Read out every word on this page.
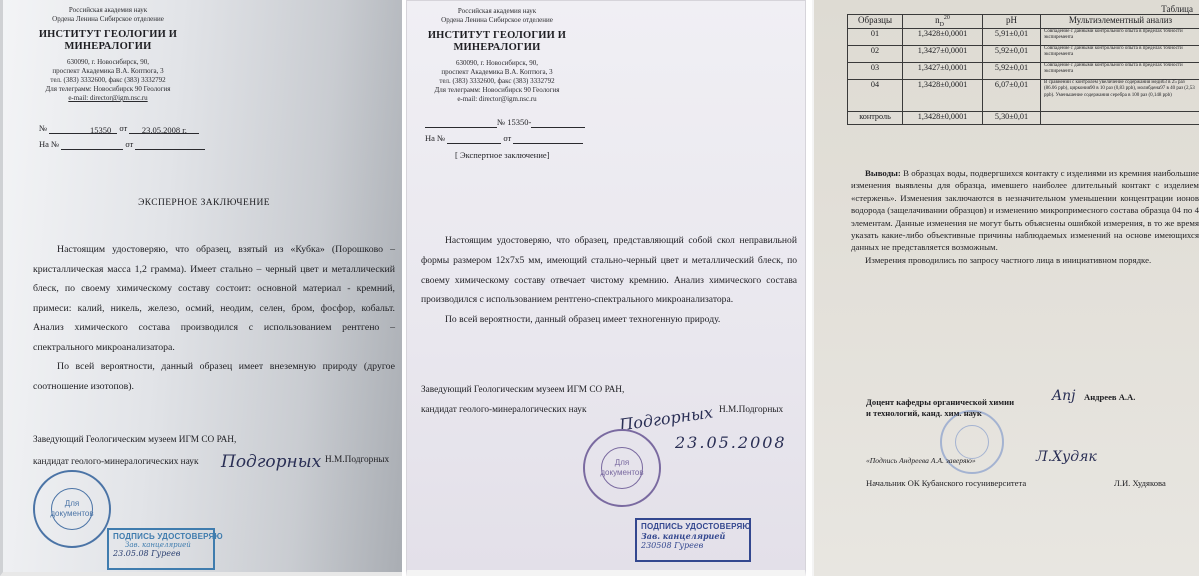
Российская академия наук
Ордена Ленина Сибирское отделение
ИНСТИТУТ ГЕОЛОГИИ И
МИНЕРАЛОГИИ
630090, г. Новосибирск, 90,
проспект Академика В.А. Коптюга, 3
тел. (383) 3332600, факс (383) 3332792
Для телеграмм: Новосибирск 90 Геология
e-mail: director@igm.nsc.ru
№	15350 от 23.05.2008 г.
На №	от
ЭКСПЕРНОЕ ЗАКЛЮЧЕНИЕ

Настоящим удостоверяю, что образец, взятый из «Кубка» (Порошково – кристаллическая масса 1,2 грамма). Имеет стально – черный цвет и металлический блеск, по своему химическому составу состоит: основной материал - кремний, примеси: калий, никель, железо, осмий, неодим, селен, бром, фосфор, кобальт. Анализ химического состава производился с использованием рентгено – спектрального микроанализатора.

По всей вероятности, данный образец имеет внеземную природу (другое соотношение изотопов).

Заведующий Геологическим музеем ИГМ СО РАН,
кандидат геолого-минералогических наук Подгорных Н.М.Подгорных
Для
документов
ПОДПИСЬ УДОСТОВЕРЯЮ
Зав. канцелярией
23.05.08 Гуреев
Российская академия наук
Ордена Ленина Сибирское отделение
ИНСТИТУТ ГЕОЛОГИИ И
МИНЕРАЛОГИИ
630090, г. Новосибирск, 90,
проспект Академика В.А. Коптюга, 3
тел. (383) 3332600, факс (383) 3332792
Для телеграмм: Новосибирск 90 Геология
e-mail: director@igm.nsc.ru
№ 15350-
На №	от
[ Экспертное заключение]

Настоящим удостоверяю, что образец, представляющий собой скол неправильной формы размером 12х7х5 мм, имеющий стально-черный цвет и металлический блеск, по своему химическому составу отвечает чистому кремнию. Анализ химического состава производился с использованием рентгено-спектрального микроанализатора.

По всей вероятности, данный образец имеет техногенную природу.

Заведующий Геологическим музеем ИГМ СО РАН,
кандидат геолого-минералогических наук	Н.М.Подгорных
Подгорных
23.05.2008
Для
документов
ПОДПИСЬ УДОСТОВЕРЯЮ
Зав. канцелярией
230508 Гуреев
Таблица
Образцы	$n_D^{20}$	pH	Мультиэлементный анализ
01	1,3428±0,0001	5,91±0,01	Совпадение с данными контрольного опыта в пределах точности экспиремента
02	1,3427±0,0001	5,92±0,01	Совпадение с данными контрольного опыта в пределах точности экспиремента
03	1,3427±0,0001	5,92±0,01	Совпадение с данными контрольного опыта в пределах точности экспиремента
04	1,3428±0,0001	6,07±0,01	В сравнении с контролем увеличение содержания меди63 в 25 раз (86.06 ppb), циркония90 в 10 раз (0,83 ppb), молибдена97 в 40 раз (2,53 ppb). Уменьшение содержания серебра в 100 раз (0,148 ppb)
контроль	1,3428±0,0001	5,30±0,01	

Выводы: В образцах воды, подвергшихся контакту с изделиями из кремния наибольшие изменения выявлены для образца, имевшего наиболее длительный контакт с изделием «стержень». Изменения заключаются в незначительном уменьшении концентрации ионов водорода (защелачивании образцов) и изменению микропримесного состава образца 04 по 4 элементам. Данные изменения не могут быть объяснены ошибкой измерения, в то же время указать какие-либо объективные причины наблюдаемых изменений на основе имеющихся данных не представляется возможным.

Измерения проводились по запросу частного лица в инициативном порядке.

Доцент кафедры органической химии
и технологий, канд. хим. наук
Anj Андреев А.А.
«Подпись Андреева А.А. заверяю»	Л.Худяк
Начальник ОК Кубанского госуниверситета	Л.И. Худякова
